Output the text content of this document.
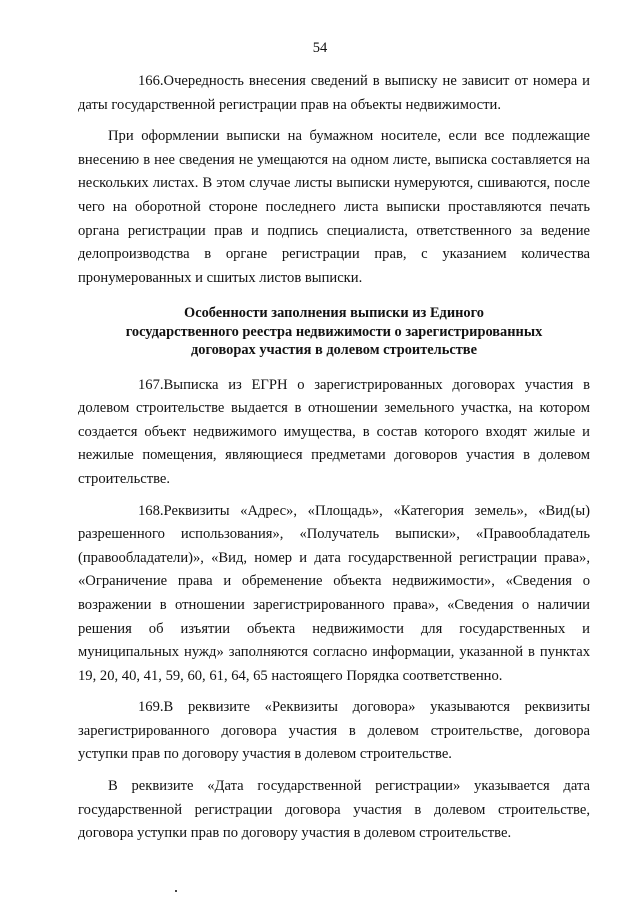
54

166.Очередность внесения сведений в выписку не зависит от номера и даты государственной регистрации прав на объекты недвижимости.

При оформлении выписки на бумажном носителе, если все подлежащие внесению в нее сведения не умещаются на одном листе, выписка составляется на нескольких листах. В этом случае листы выписки нумеруются, сшиваются, после чего на оборотной стороне последнего листа выписки проставляются печать органа регистрации прав и подпись специалиста, ответственного за ведение делопроизводства в органе регистрации прав, с указанием количества пронумерованных и сшитых листов выписки.

Особенности заполнения выписки из Единого
государственного реестра недвижимости о зарегистрированных
договорах участия в долевом строительстве

167.Выписка из ЕГРН о зарегистрированных договорах участия в долевом строительстве выдается в отношении земельного участка, на котором создается объект недвижимого имущества, в состав которого входят жилые и нежилые помещения, являющиеся предметами договоров участия в долевом строительстве.

168.Реквизиты «Адрес», «Площадь», «Категория земель», «Вид(ы) разрешенного использования», «Получатель выписки», «Правообладатель (правообладатели)», «Вид, номер и дата государственной регистрации права», «Ограничение права и обременение объекта недвижимости», «Сведения о возражении в отношении зарегистрированного права», «Сведения о наличии решения об изъятии объекта недвижимости для государственных и муниципальных нужд» заполняются согласно информации, указанной в пунктах 19, 20, 40, 41, 59, 60, 61, 64, 65 настоящего Порядка соответственно.

169.В реквизите «Реквизиты договора» указываются реквизиты зарегистрированного договора участия в долевом строительстве, договора уступки прав по договору участия в долевом строительстве.

В реквизите «Дата государственной регистрации» указывается дата государственной регистрации договора участия в долевом строительстве, договора уступки прав по договору участия в долевом строительстве.
